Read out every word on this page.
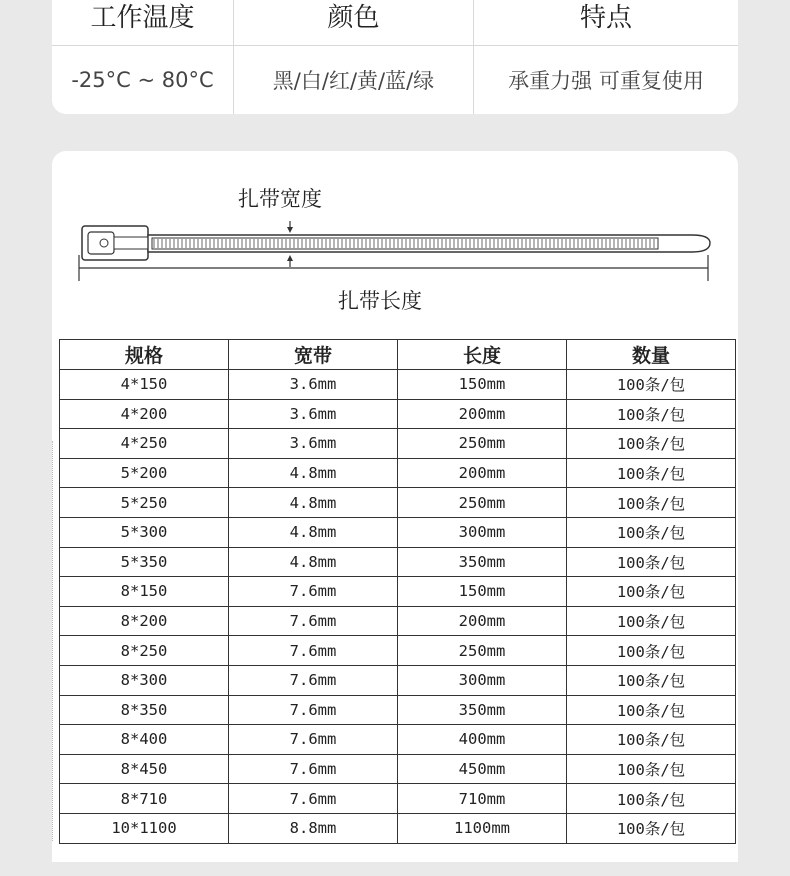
工作温度	颜色	特点
-25°C ~ 80°C	黑/白/红/黄/蓝/绿	承重力强 可重复使用
扎带宽度
扎带长度
规格	宽带	长度	数量
4*150	3.6mm	150mm	100条/包
4*200	3.6mm	200mm	100条/包
4*250	3.6mm	250mm	100条/包
5*200	4.8mm	200mm	100条/包
5*250	4.8mm	250mm	100条/包
5*300	4.8mm	300mm	100条/包
5*350	4.8mm	350mm	100条/包
8*150	7.6mm	150mm	100条/包
8*200	7.6mm	200mm	100条/包
8*250	7.6mm	250mm	100条/包
8*300	7.6mm	300mm	100条/包
8*350	7.6mm	350mm	100条/包
8*400	7.6mm	400mm	100条/包
8*450	7.6mm	450mm	100条/包
8*710	7.6mm	710mm	100条/包
10*1100	8.8mm	1100mm	100条/包
